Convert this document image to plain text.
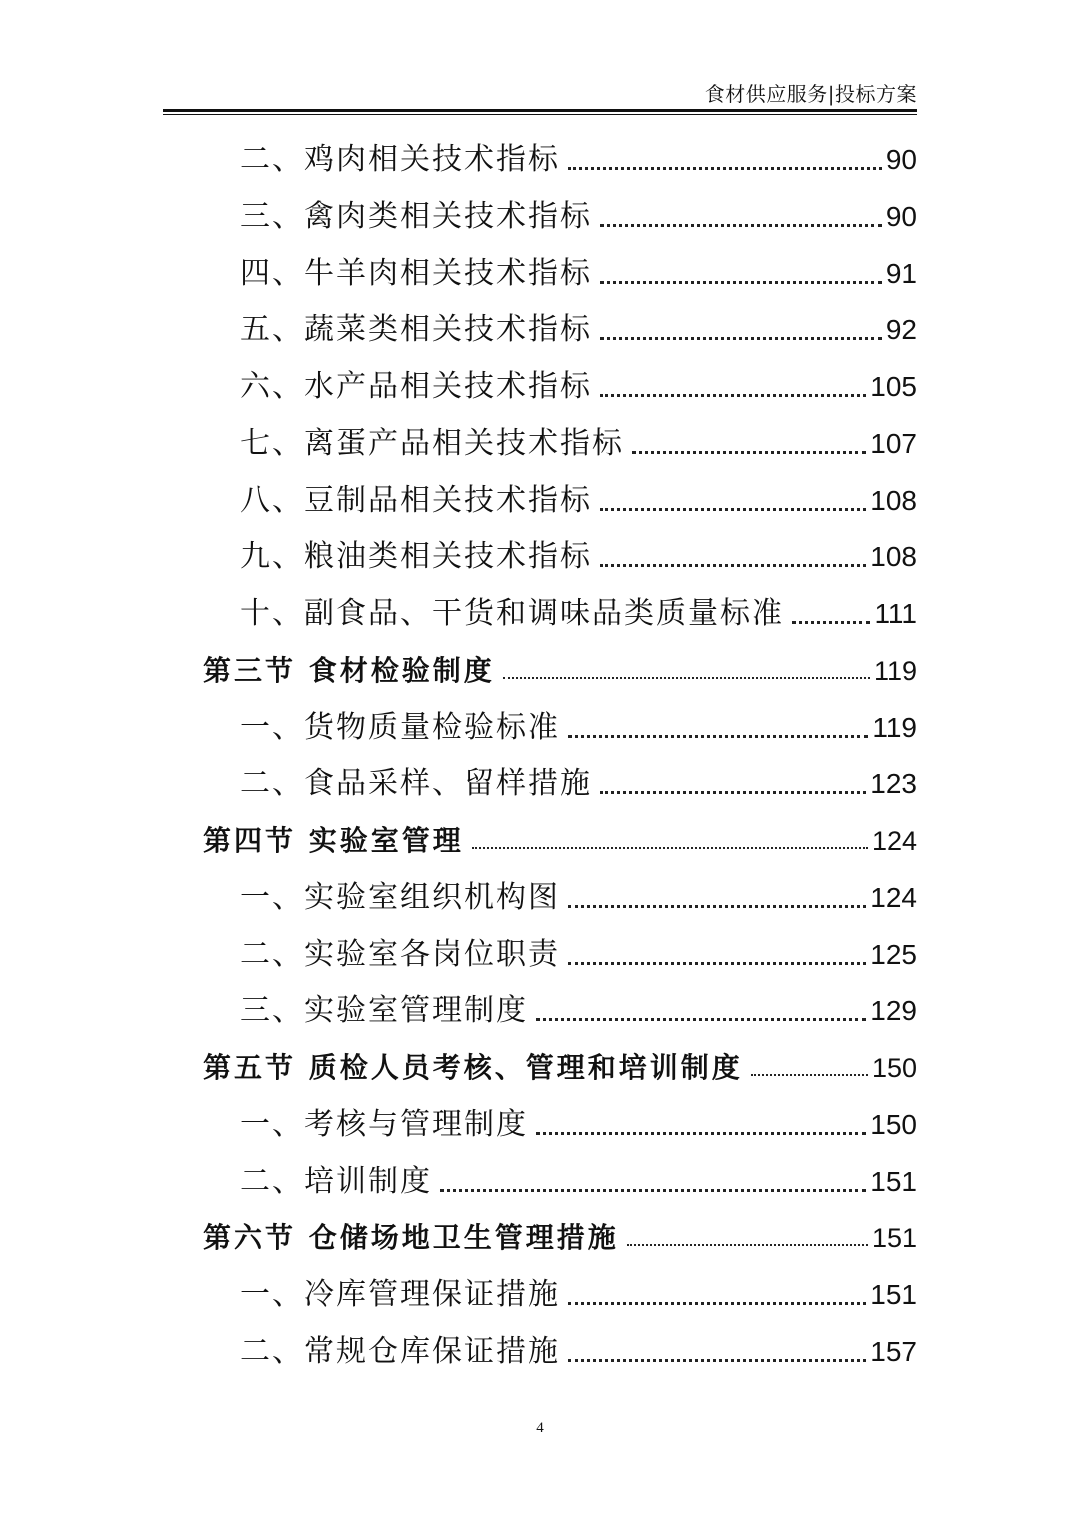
食材供应服务|投标方案
二、鸡肉相关技术指标	90
三、禽肉类相关技术指标	90
四、牛羊肉相关技术指标	91
五、蔬菜类相关技术指标	92
六、水产品相关技术指标	105
七、离蛋产品相关技术指标	107
八、豆制品相关技术指标	108
九、粮油类相关技术指标	108
十、副食品、干货和调味品类质量标准	111
第三节 食材检验制度	119
一、货物质量检验标准	119
二、食品采样、留样措施	123
第四节 实验室管理	124
一、实验室组织机构图	124
二、实验室各岗位职责	125
三、实验室管理制度	129
第五节 质检人员考核、管理和培训制度	150
一、考核与管理制度	150
二、培训制度	151
第六节 仓储场地卫生管理措施	151
一、冷库管理保证措施	151
二、常规仓库保证措施	157
4
